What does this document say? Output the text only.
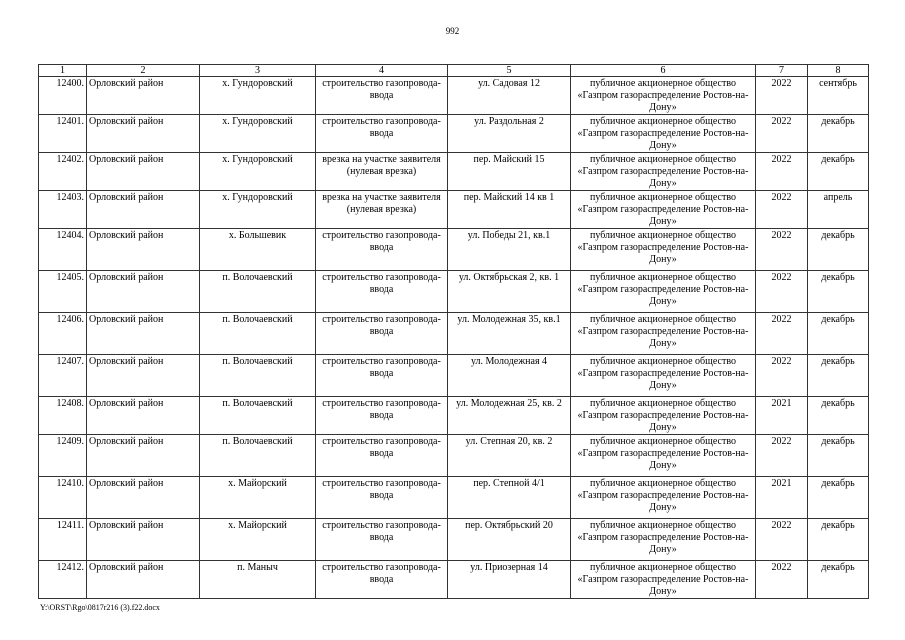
992
1	2	3	4	5	6	7	8
12400.	Орловский район	х. Гундоровский	строительство газопровода-ввода	ул. Садовая 12	публичное акционерное общество «Газпром газораспределение Ростов-на-Дону»	2022	сентябрь
12401.	Орловский район	х. Гундоровский	строительство газопровода-ввода	ул. Раздольная 2	публичное акционерное общество «Газпром газораспределение Ростов-на-Дону»	2022	декабрь
12402.	Орловский район	х. Гундоровский	врезка на участке заявителя (нулевая врезка)	пер. Майский 15	публичное акционерное общество «Газпром газораспределение Ростов-на-Дону»	2022	декабрь
12403.	Орловский район	х. Гундоровский	врезка на участке заявителя (нулевая врезка)	пер. Майский 14 кв 1	публичное акционерное общество «Газпром газораспределение Ростов-на-Дону»	2022	апрель
12404.	Орловский район	х. Большевик	строительство газопровода-ввода	ул. Победы 21, кв.1	публичное акционерное общество «Газпром газораспределение Ростов-на-Дону»	2022	декабрь
12405.	Орловский район	п. Волочаевский	строительство газопровода-ввода	ул. Октябрьская 2, кв. 1	публичное акционерное общество «Газпром газораспределение Ростов-на-Дону»	2022	декабрь
12406.	Орловский район	п. Волочаевский	строительство газопровода-ввода	ул. Молодежная 35, кв.1	публичное акционерное общество «Газпром газораспределение Ростов-на-Дону»	2022	декабрь
12407.	Орловский район	п. Волочаевский	строительство газопровода-ввода	ул. Молодежная 4	публичное акционерное общество «Газпром газораспределение Ростов-на-Дону»	2022	декабрь
12408.	Орловский район	п. Волочаевский	строительство газопровода-ввода	ул. Молодежная 25, кв. 2	публичное акционерное общество «Газпром газораспределение Ростов-на-Дону»	2021	декабрь
12409.	Орловский район	п. Волочаевский	строительство газопровода-ввода	ул. Степная 20, кв. 2	публичное акционерное общество «Газпром газораспределение Ростов-на-Дону»	2022	декабрь
12410.	Орловский район	х. Майорский	строительство газопровода-ввода	пер. Степной 4/1	публичное акционерное общество «Газпром газораспределение Ростов-на-Дону»	2021	декабрь
12411.	Орловский район	х. Майорский	строительство газопровода-ввода	пер. Октябрьский 20	публичное акционерное общество «Газпром газораспределение Ростов-на-Дону»	2022	декабрь
12412.	Орловский район	п. Маныч	строительство газопровода-ввода	ул. Приозерная 14	публичное акционерное общество «Газпром газораспределение Ростов-на-Дону»	2022	декабрь
Y:\ORST\Rgo\0817r216 (3).f22.docx
